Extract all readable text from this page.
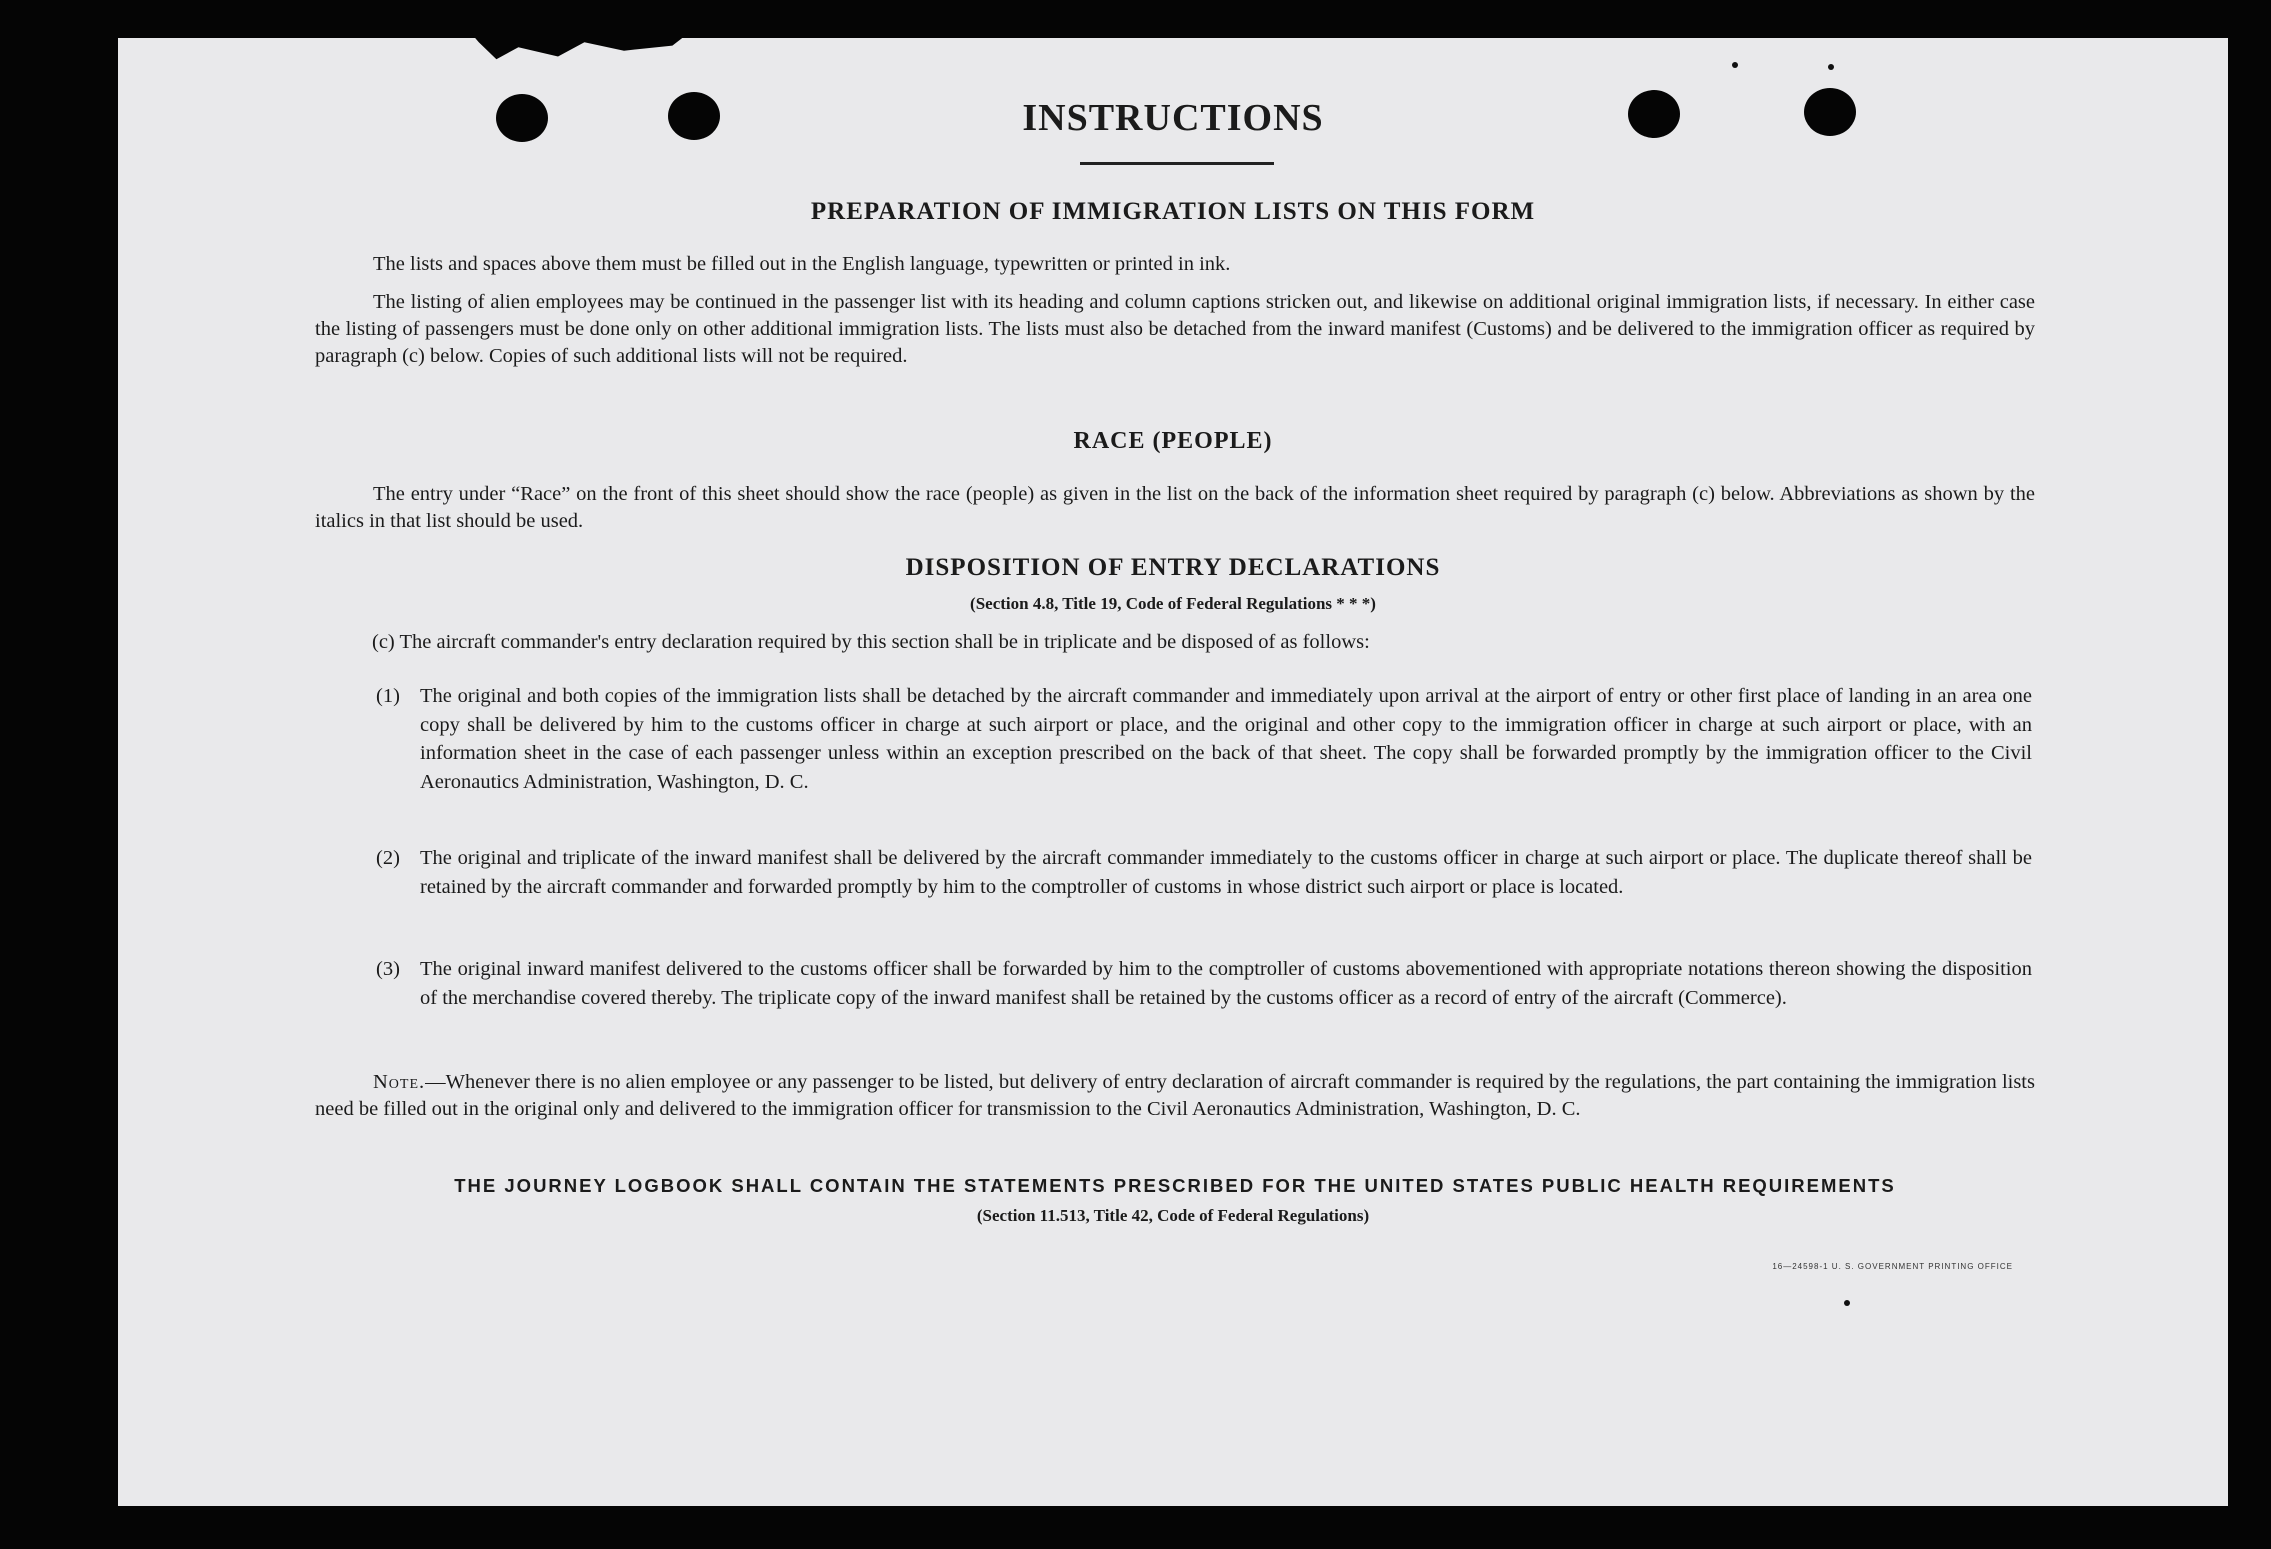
INSTRUCTIONS
PREPARATION OF IMMIGRATION LISTS ON THIS FORM

The lists and spaces above them must be filled out in the English language, typewritten or printed in ink.

The listing of alien employees may be continued in the passenger list with its heading and column captions stricken out, and likewise on additional original immigration lists, if necessary. In either case the listing of passengers must be done only on other additional immigration lists. The lists must also be detached from the inward manifest (Customs) and be delivered to the immigration officer as required by paragraph (c) below. Copies of such additional lists will not be required.

RACE (PEOPLE)

The entry under “Race” on the front of this sheet should show the race (people) as given in the list on the back of the information sheet required by paragraph (c) below. Abbreviations as shown by the italics in that list should be used.

DISPOSITION OF ENTRY DECLARATIONS
(Section 4.8, Title 19, Code of Federal Regulations * * *)

(c) The aircraft commander's entry declaration required by this section shall be in triplicate and be disposed of as follows:

(1) The original and both copies of the immigration lists shall be detached by the aircraft commander and immediately upon arrival at the airport of entry or other first place of landing in an area one copy shall be delivered by him to the customs officer in charge at such airport or place, and the original and other copy to the immigration officer in charge at such airport or place, with an information sheet in the case of each passenger unless within an exception prescribed on the back of that sheet. The copy shall be forwarded promptly by the immigration officer to the Civil Aeronautics Administration, Washington, D. C.
(2) The original and triplicate of the inward manifest shall be delivered by the aircraft commander immediately to the customs officer in charge at such airport or place. The duplicate thereof shall be retained by the aircraft commander and forwarded promptly by him to the comptroller of customs in whose district such airport or place is located.
(3) The original inward manifest delivered to the customs officer shall be forwarded by him to the comptroller of customs abovementioned with appropriate notations thereon showing the disposition of the merchandise covered thereby. The triplicate copy of the inward manifest shall be retained by the customs officer as a record of entry of the aircraft (Commerce).

Note.—Whenever there is no alien employee or any passenger to be listed, but delivery of entry declaration of aircraft commander is required by the regulations, the part containing the immigration lists need be filled out in the original only and delivered to the immigration officer for transmission to the Civil Aeronautics Administration, Washington, D. C.

THE JOURNEY LOGBOOK SHALL CONTAIN THE STATEMENTS PRESCRIBED FOR THE UNITED STATES PUBLIC HEALTH REQUIREMENTS
(Section 11.513, Title 42, Code of Federal Regulations)
16—24598-1 U. S. GOVERNMENT PRINTING OFFICE
